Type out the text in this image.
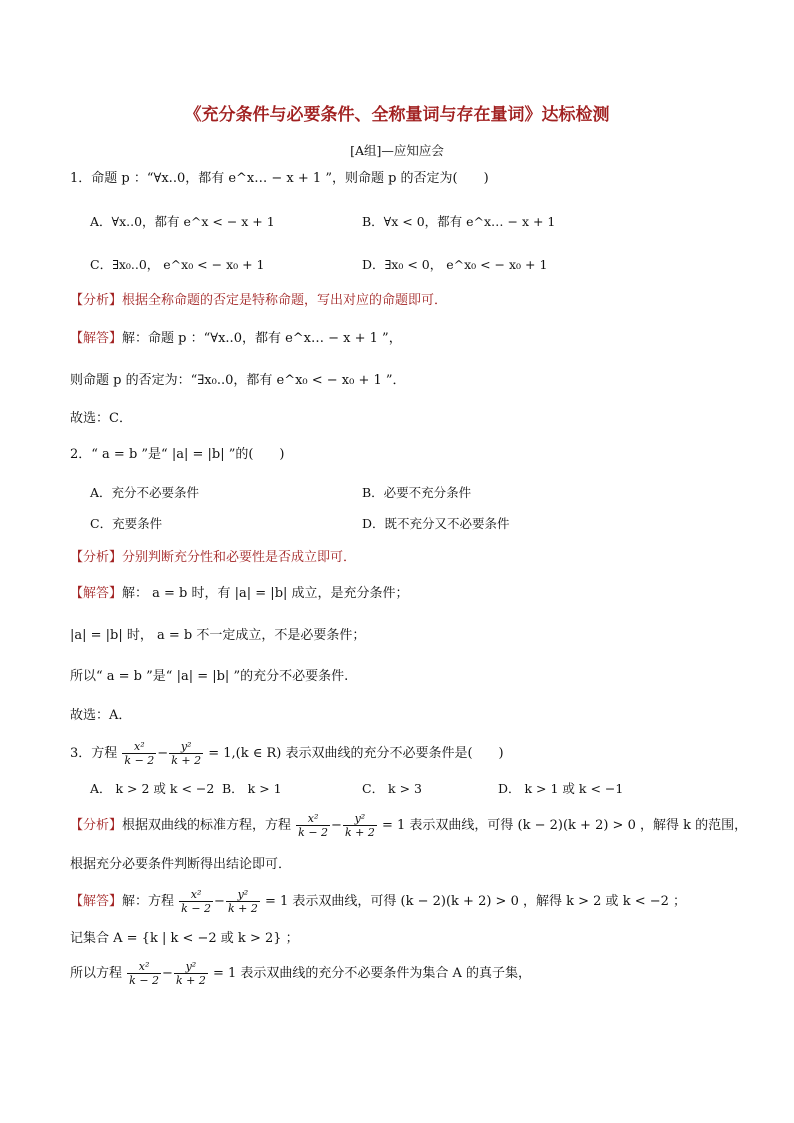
《充分条件与必要条件、全称量词与存在量词》达标检测
[A组]—应知应会
1．命题 p ：“∀x..0，都有 e^x… − x + 1 ”，则命题 p 的否定为(　　)
A．∀x..0，都有 e^x < − x + 1	B．∀x < 0，都有 e^x… − x + 1
C．∃x₀..0， e^x₀ < − x₀ + 1	D．∃x₀ < 0， e^x₀ < − x₀ + 1
【分析】根据全称命题的否定是特称命题，写出对应的命题即可．
【解答】解：命题 p ：“∀x..0，都有 e^x… − x + 1 ”，
则命题 p 的否定为：“∃x₀..0，都有 e^x₀ < − x₀ + 1 ”．
故选：C．
2．“ a = b ”是“ |a| = |b| ”的(　　)
A．充分不必要条件	B．必要不充分条件
C．充要条件	D．既不充分又不必要条件
【分析】分别判断充分性和必要性是否成立即可．
【解答】解： a = b 时，有 |a| = |b| 成立，是充分条件；
|a| = |b| 时， a = b 不一定成立，不是必要条件；
所以“ a = b ”是“ |a| = |b| ”的充分不必要条件.
故选：A．
3．方程 $\frac{\text{x²}}{k - 2} - \frac{\text{y²}}{k + 2} = 1,(k$ ∈ R) 表示双曲线的充分不必要条件是(　　)
A． k > 2 或 k < −2 B． k > 1	C． k > 3	D． k > 1 或 k < −1
【分析】根据双曲线的标准方程，方程 $\frac{\text{x²}}{k - 2} - \frac{\text{y²}}{k + 2} = 1$ 表示双曲线，可得 (k − 2)(k + 2) > 0 ，解得 k 的范围，
根据充分必要条件判断得出结论即可．
【解答】解：方程 $\frac{\text{x²}}{k - 2} - \frac{\text{y²}}{k + 2} = 1$ 表示双曲线，可得 (k − 2)(k + 2) > 0 ，解得 k > 2 或 k < −2 ；
记集合 A = {k | k < −2 或 k > 2} ；
所以方程 $\frac{\text{x²}}{k - 2} - \frac{\text{y²}}{k + 2} = 1$ 表示双曲线的充分不必要条件为集合 A 的真子集，
